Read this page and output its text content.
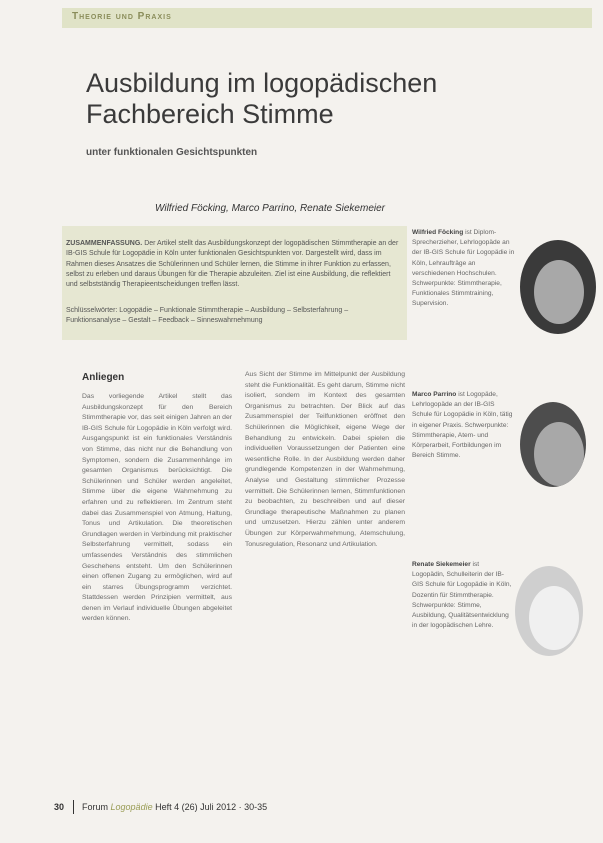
Theorie und Praxis
Ausbildung im logopädischen Fachbereich Stimme
unter funktionalen Gesichtspunkten
Wilfried Föcking, Marco Parrino, Renate Siekemeier
ZUSAMMENFASSUNG. Der Artikel stellt das Ausbildungskonzept der logopädischen Stimmtherapie an der IB-GIS Schule für Logopädie in Köln unter funktionalen Gesichtspunkten vor. Dargestellt wird, dass im Rahmen dieses Ansatzes die Schülerinnen und Schüler lernen, die Stimme in ihrer Funktion zu erfassen, selbst zu erleben und daraus Übungen für die Therapie abzuleiten. Ziel ist eine Ausbildung, die reflektiert und selbstständig Therapieentscheidungen treffen lässt.
Schlüsselwörter: Logopädie – Funktionale Stimmtherapie – Ausbildung – Selbsterfahrung – Funktionsanalyse – Gestalt – Feedback – Sinneswahrnehmung
Anliegen
Das vorliegende Artikel stellt das Ausbildungskonzept für den Bereich Stimmtherapie vor, das seit einigen Jahren an der IB-GIS Schule für Logopädie in Köln verfolgt wird. Ausgangspunkt ist ein funktionales Verständnis von Stimme, das nicht nur die Behandlung von Symptomen, sondern die Zusammenhänge im gesamten Organismus berücksichtigt. Die Schülerinnen und Schüler werden angeleitet, Stimme über die eigene Wahrnehmung zu erfahren und zu reflektieren. Im Zentrum steht dabei das Zusammenspiel von Atmung, Haltung, Tonus und Artikulation. Die theoretischen Grundlagen werden in Verbindung mit praktischer Selbsterfahrung vermittelt, sodass ein umfassendes Verständnis des stimmlichen Geschehens entsteht. Um den Schülerinnen einen offenen Zugang zu ermöglichen, wird auf ein starres Übungsprogramm verzichtet. Stattdessen werden Prinzipien vermittelt, aus denen im Verlauf individuelle Übungen abgeleitet werden können.
Aus Sicht der Stimme im Mittelpunkt der Ausbildung steht die Funktionalität. Es geht darum, Stimme nicht isoliert, sondern im Kontext des gesamten Organismus zu betrachten. Der Blick auf das Zusammenspiel der Teilfunktionen eröffnet den Schülerinnen die Möglichkeit, eigene Wege der Behandlung zu entwickeln. Dabei spielen die individuellen Voraussetzungen der Patienten eine wesentliche Rolle. In der Ausbildung werden daher grundlegende Kompetenzen in der Wahrnehmung, Analyse und Gestaltung stimmlicher Prozesse vermittelt. Die Schülerinnen lernen, Stimmfunktionen zu beobachten, zu beschreiben und auf dieser Grundlage therapeutische Maßnahmen zu planen und umzusetzen. Hierzu zählen unter anderem Übungen zur Körperwahrnehmung, Atemschulung, Tonusregulation, Resonanz und Artikulation.
Wilfried Föcking ist Diplom-Sprecherzieher, Lehrlogopäde an der IB-GIS Schule für Logopädie in Köln, Lehraufträge an verschiedenen Hochschulen. Schwerpunkte: Stimmtherapie, Funktionales Stimmtraining, Supervision.
Marco Parrino ist Logopäde, Lehrlogopäde an der IB-GIS Schule für Logopädie in Köln, tätig in eigener Praxis. Schwerpunkte: Stimmtherapie, Atem- und Körperarbeit, Fortbildungen im Bereich Stimme.
Renate Siekemeier ist Logopädin, Schulleiterin der IB-GIS Schule für Logopädie in Köln, Dozentin für Stimmtherapie. Schwerpunkte: Stimme, Ausbildung, Qualitätsentwicklung in der logopädischen Lehre.
30 Forum Logopädie Heft 4 (26) Juli 2012 · 30-35
